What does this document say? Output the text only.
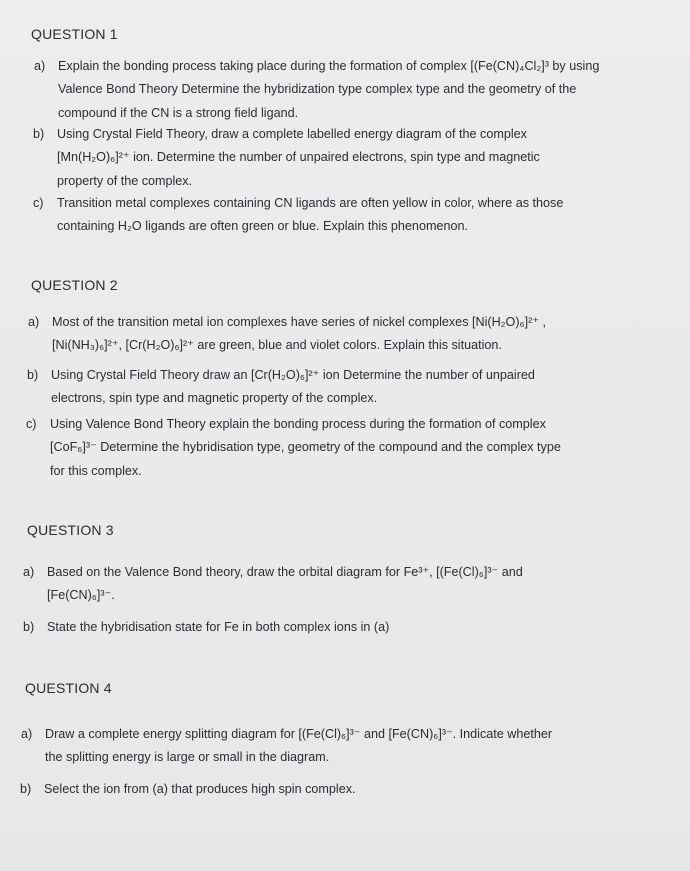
QUESTION 1
a) Explain the bonding process taking place during the formation of complex [(Fe(CN)₄Cl₂]³ by using
Valence Bond Theory Determine the hybridization type complex type and the geometry of the
compound if the CN is a strong field ligand.
b) Using Crystal Field Theory, draw a complete labelled energy diagram of the complex
[Mn(H₂O)₆]²⁺ ion. Determine the number of unpaired electrons, spin type and magnetic
property of the complex.
c) Transition metal complexes containing CN ligands are often yellow in color, where as those
containing H₂O ligands are often green or blue. Explain this phenomenon.
QUESTION 2
a) Most of the transition metal ion complexes have series of nickel complexes [Ni(H₂O)₆]²⁺ ,
[Ni(NH₃)₆]²⁺, [Cr(H₂O)₆]²⁺ are green, blue and violet colors. Explain this situation.
b) Using Crystal Field Theory draw an [Cr(H₂O)₆]²⁺ ion Determine the number of unpaired
electrons, spin type and magnetic property of the complex.
c) Using Valence Bond Theory explain the bonding process during the formation of complex
[CoF₆]³⁻ Determine the hybridisation type, geometry of the compound and the complex type
for this complex.
QUESTION 3
a) Based on the Valence Bond theory, draw the orbital diagram for Fe³⁺, [(Fe(Cl)₆]³⁻ and
[Fe(CN)₆]³⁻.
b) State the hybridisation state for Fe in both complex ions in (a)
QUESTION 4
a) Draw a complete energy splitting diagram for [(Fe(Cl)₆]³⁻ and [Fe(CN)₆]³⁻. Indicate whether
the splitting energy is large or small in the diagram.
b) Select the ion from (a) that produces high spin complex.
